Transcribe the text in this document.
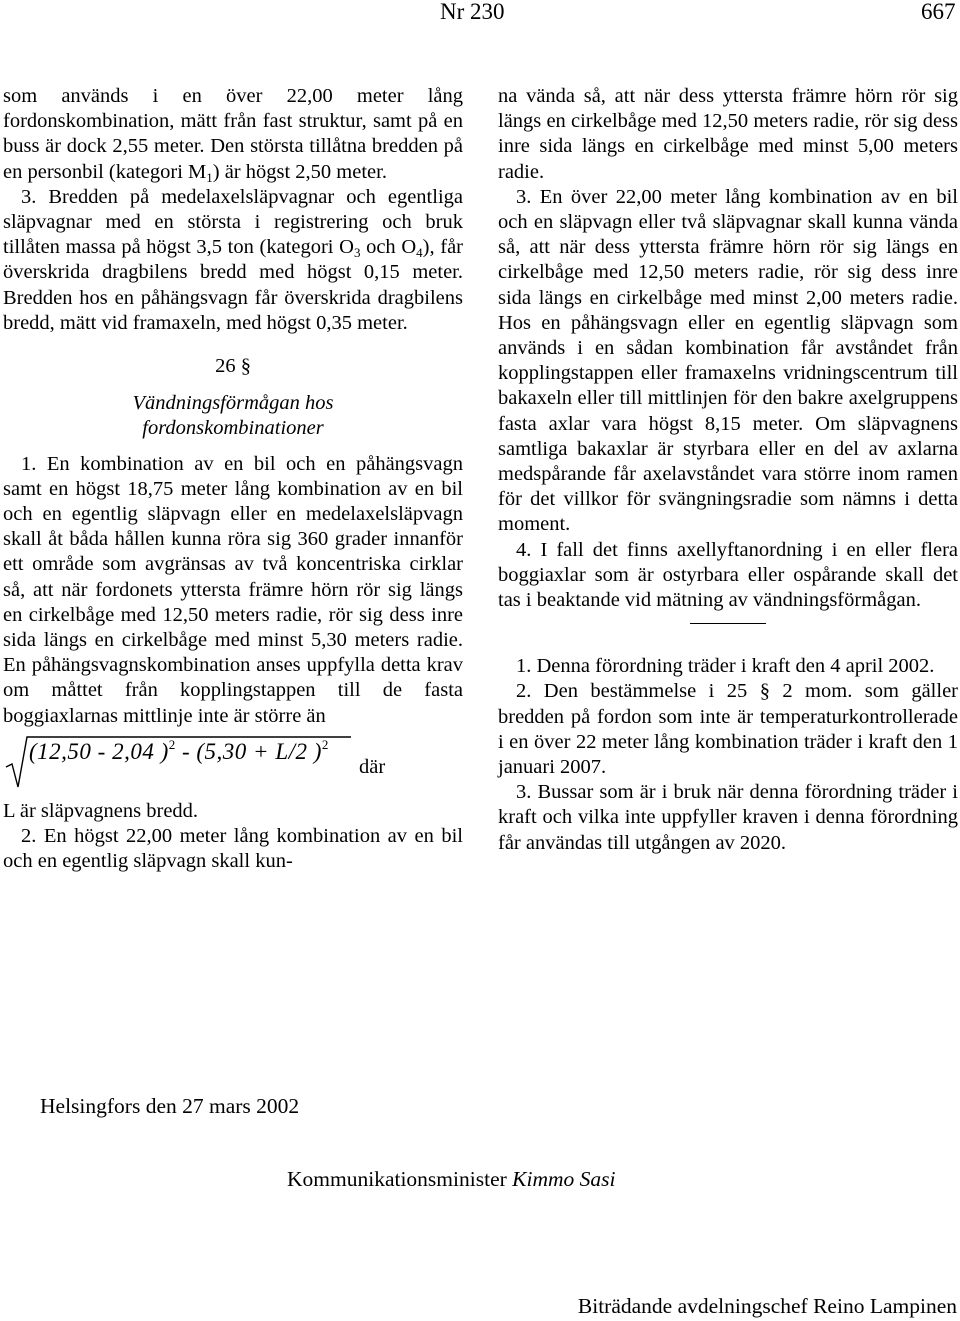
Nr 230	667

som används i en över 22,00 meter lång fordonskombination, mätt från fast struktur, samt på en buss är dock 2,55 meter. Den största tillåtna bredden på en personbil (kategori $M_1$) är högst 2,50 meter.

3. Bredden på medelaxelsläpvagnar och egentliga släpvagnar med en största i registrering och bruk tillåten massa på högst 3,5 ton (kategori $O_3$ och $O_4$), får överskrida dragbilens bredd med högst 0,15 meter. Bredden hos en påhängsvagn får överskrida dragbilens bredd, mätt vid framaxeln, med högst 0,35 meter.

26 §

Vändningsförmågan hos fordonskombinationer

1. En kombination av en bil och en påhängsvagn samt en högst 18,75 meter lång kombination av en bil och en egentlig släpvagn eller en medelaxelsläpvagn skall åt båda hållen kunna röra sig 360 grader innanför ett område som avgränsas av två koncentriska cirklar så, att när fordonets yttersta främre hörn rör sig längs en cirkelbåge med 12,50 meters radie, rör sig dess inre sida längs en cirkelbåge med minst 5,30 meters radie. En påhängsvagnskombination anses uppfylla detta krav om måttet från kopplingstappen till de fasta boggiaxlarnas mittlinje inte är större än

(12,50 - 2,04 )$^2$ - (5,30 + L/2 )$^2$
där

L är släpvagnens bredd.

2. En högst 22,00 meter lång kombination av en bil och en egentlig släpvagn skall kun-

na vända så, att när dess yttersta främre hörn rör sig längs en cirkelbåge med 12,50 meters radie, rör sig dess inre sida längs en cirkelbåge med minst 5,00 meters radie.

3. En över 22,00 meter lång kombination av en bil och en släpvagn eller två släpvagnar skall kunna vända så, att när dess yttersta främre hörn rör sig längs en cirkelbåge med 12,50 meters radie, rör sig dess inre sida längs en cirkelbåge med minst 2,00 meters radie. Hos en påhängsvagn eller en egentlig släpvagn som används i en sådan kombination får avståndet från kopplingstappen eller framaxelns vridningscentrum till bakaxeln eller till mittlinjen för den bakre axelgruppens fasta axlar vara högst 8,15 meter. Om släpvagnens samtliga bakaxlar är styrbara eller en del av axlarna medspårande får axelavståndet vara större inom ramen för det villkor för svängningsradie som nämns i detta moment.

4. I fall det finns axellyftanordning i en eller flera boggiaxlar som är ostyrbara eller ospårande skall det tas i beaktande vid mätning av vändningsförmågan.

1. Denna förordning träder i kraft den 4 april 2002.

2. Den bestämmelse i 25 § 2 mom. som gäller bredden på fordon som inte är temperaturkontrollerade i en över 22 meter lång kombination träder i kraft den 1 januari 2007.

3. Bussar som är i bruk när denna förordning träder i kraft och vilka inte uppfyller kraven i denna förordning får användas till utgången av 2020.

Helsingfors den 27 mars 2002
Kommunikationsminister Kimmo Sasi
Biträdande avdelningschef Reino Lampinen
